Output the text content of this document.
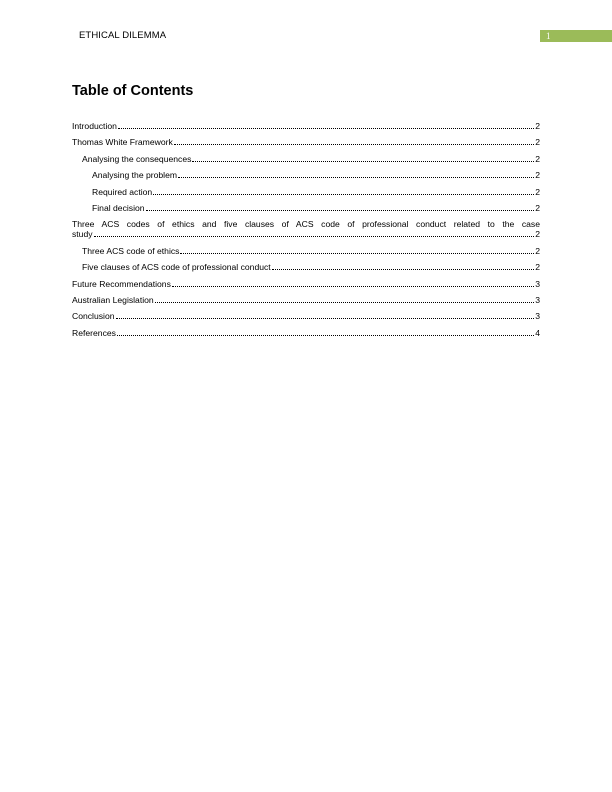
ETHICAL DILEMMA	1
Table of Contents
Introduction	2
Thomas White Framework	2
Analysing the consequences	2
Analysing the problem	2
Required action	2
Final decision	2
Three ACS codes of ethics and five clauses of ACS code of professional conduct related to the case
study	2
Three ACS code of ethics	2
Five clauses of ACS code of professional conduct	2
Future Recommendations	3
Australian Legislation	3
Conclusion	3
References	4
